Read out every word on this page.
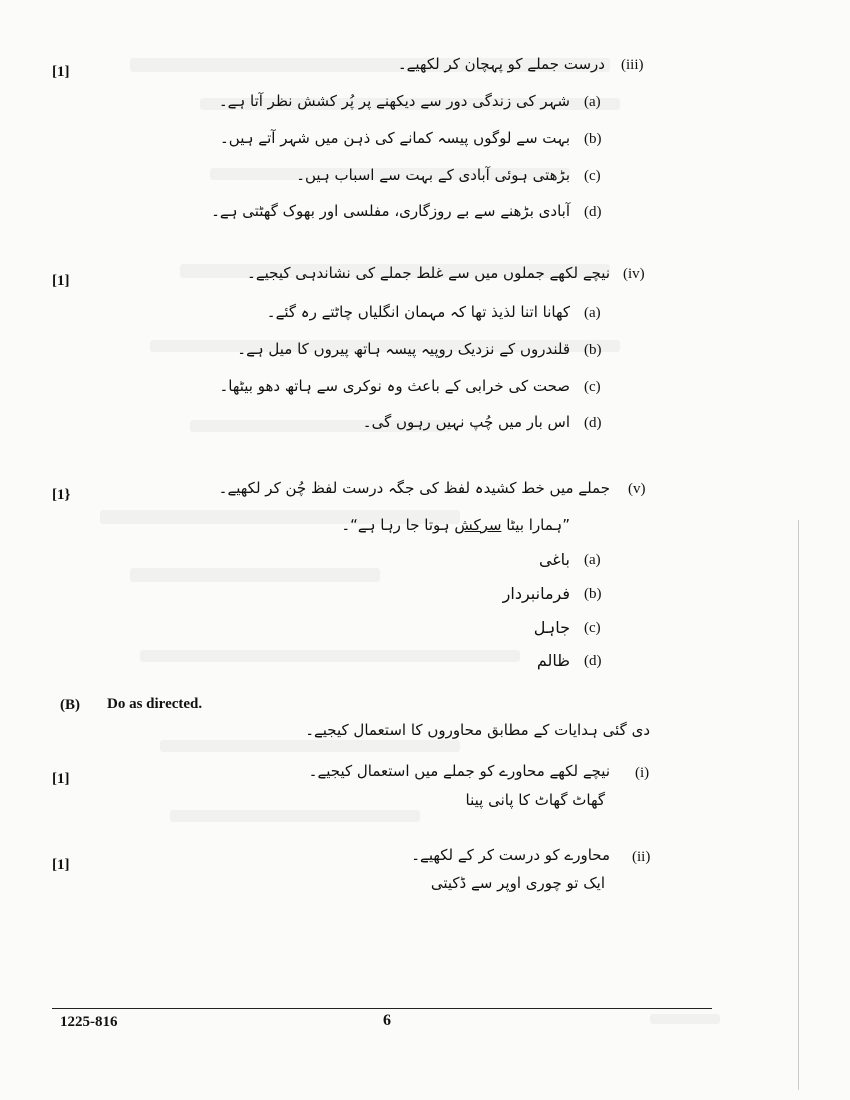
[1]	(iii)
درست جملے کو پہچان کر لکھیے۔
(a)
شہر کی زندگی دور سے دیکھنے پر پُر کشش نظر آتا ہے۔
(b)
بہت سے لوگوں پیسہ کمانے کی ذہن میں شہر آتے ہیں۔
(c)
بڑھتی ہوئی آبادی کے بہت سے اسباب ہیں۔
(d)
آبادی بڑھنے سے بے روزگاری، مفلسی اور بھوک گھٹتی ہے۔
[1]	(iv)
نیچے لکھے جملوں میں سے غلط جملے کی نشاندہی کیجیے۔
(a)
کھانا اتنا لذیذ تھا کہ مہمان انگلیاں چاٹتے رہ گئے۔
(b)
قلندروں کے نزدیک روپیہ پیسہ ہاتھ پیروں کا میل ہے۔
(c)
صحت کی خرابی کے باعث وہ نوکری سے ہاتھ دھو بیٹھا۔
(d)
اس بار میں چُپ نہیں رہوں گی۔
[1}	(v)
جملے میں خط کشیدہ لفظ کی جگہ درست لفظ چُن کر لکھیے۔
”ہمارا بیٹا سرکش ہوتا جا رہا ہے“۔
(a)
باغی
(b)
فرمانبردار
(c)
جاہل
(d)
ظالم
(B) Do as directed.
دی گئی ہدایات کے مطابق محاوروں کا استعمال کیجیے۔
[1]	(i)
نیچے لکھے محاورے کو جملے میں استعمال کیجیے۔
گھاٹ گھاٹ کا پانی پینا
[1]	(ii)
محاورے کو درست کر کے لکھیے۔
ایک تو چوری اوپر سے ڈکیتی
1225-816	6
